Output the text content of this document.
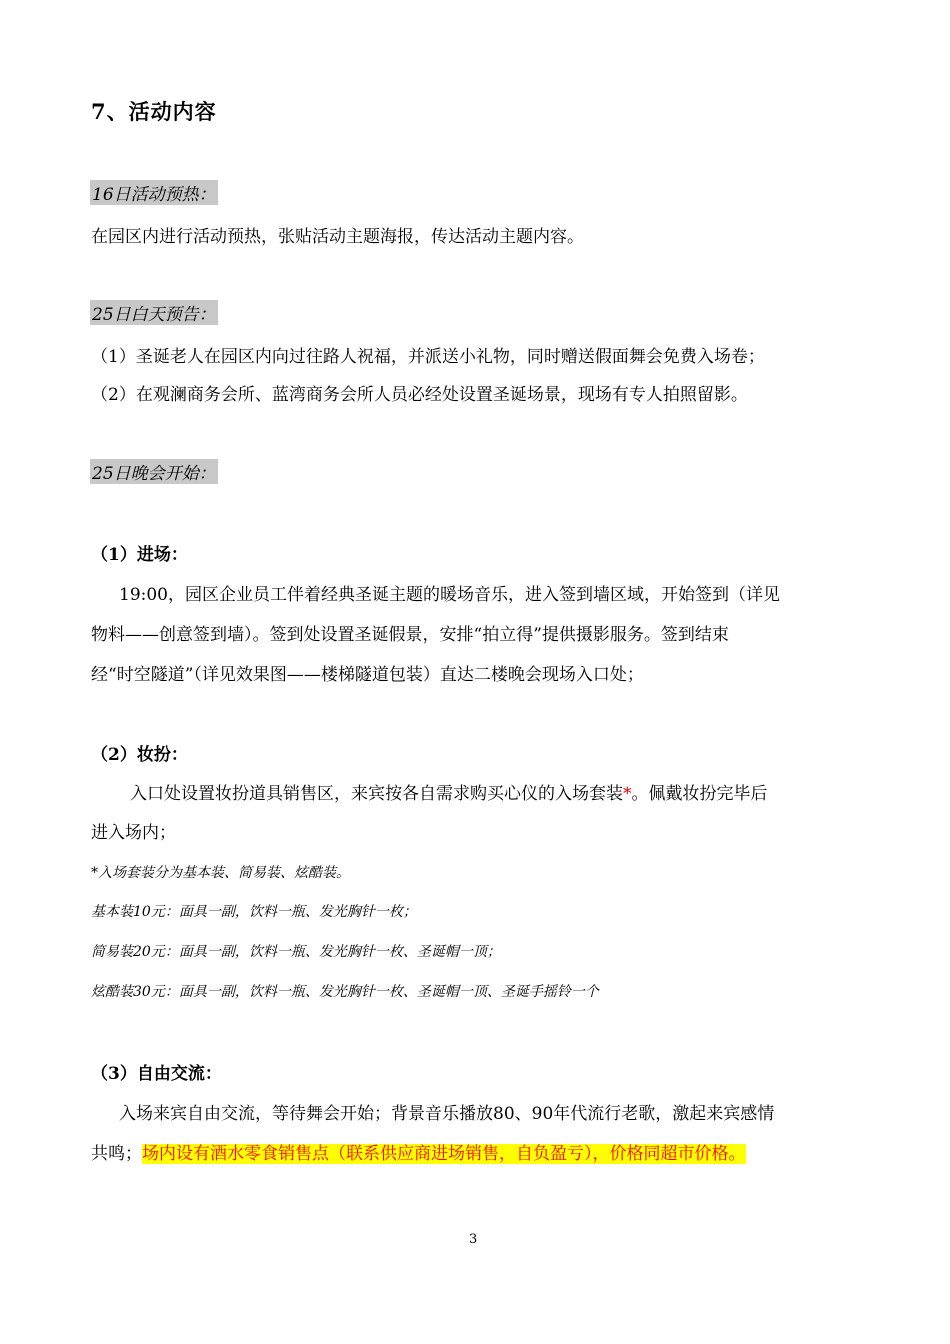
7、活动内容
16日活动预热：
在园区内进行活动预热，张贴活动主题海报，传达活动主题内容。
25日白天预告：
（1）圣诞老人在园区内向过往路人祝福，并派送小礼物，同时赠送假面舞会免费入场卷；
（2）在观澜商务会所、蓝湾商务会所人员必经处设置圣诞场景，现场有专人拍照留影。
25日晚会开始：
（1）进场：
19:00，园区企业员工伴着经典圣诞主题的暖场音乐，进入签到墙区域，开始签到（详见
物料——创意签到墙）。签到处设置圣诞假景，安排“拍立得”提供摄影服务。签到结束
经“时空隧道”（详见效果图——楼梯隧道包装）直达二楼晚会现场入口处；
（2）妆扮：
入口处设置妆扮道具销售区，来宾按各自需求购买心仪的入场套装*。佩戴妆扮完毕后
进入场内；
*入场套装分为基本装、简易装、炫酷装。
基本装10元：面具一副，饮料一瓶、发光胸针一枚；
简易装20元：面具一副，饮料一瓶、发光胸针一枚、圣诞帽一顶；
炫酷装30元：面具一副，饮料一瓶、发光胸针一枚、圣诞帽一顶、圣诞手摇铃一个
（3）自由交流：
入场来宾自由交流，等待舞会开始；背景音乐播放80、90年代流行老歌，激起来宾感情
共鸣；场内设有酒水零食销售点（联系供应商进场销售，自负盈亏），价格同超市价格。
3
